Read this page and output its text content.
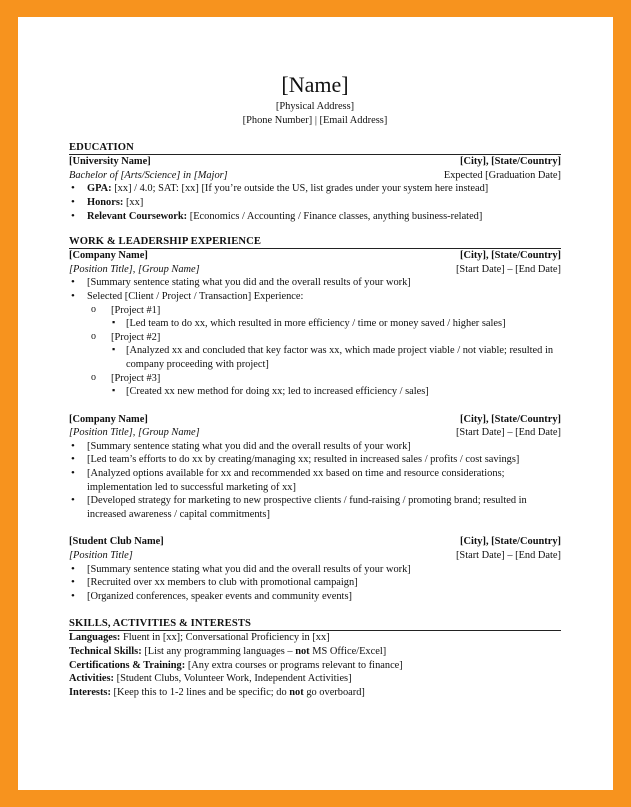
[Name]
[Physical Address]
[Phone Number] | [Email Address]
EDUCATION
[University Name]	[City], [State/Country]
Bachelor of [Arts/Science] in [Major]	Expected [Graduation Date]
• GPA: [xx] / 4.0; SAT: [xx] [If you’re outside the US, list grades under your system here instead]
• Honors: [xx]
• Relevant Coursework: [Economics / Accounting / Finance classes, anything business-related]
WORK & LEADERSHIP EXPERIENCE
[Company Name]	[City], [State/Country]
[Position Title], [Group Name]	[Start Date] – [End Date]
• [Summary sentence stating what you did and the overall results of your work]
• Selected [Client / Project / Transaction] Experience:
o [Project #1]
▪ [Led team to do xx, which resulted in more efficiency / time or money saved / higher sales]
o [Project #2]
▪ [Analyzed xx and concluded that key factor was xx, which made project viable / not viable; resulted in company proceeding with project]
o [Project #3]
▪ [Created xx new method for doing xx; led to increased efficiency / sales]
[Company Name]	[City], [State/Country]
[Position Title], [Group Name]	[Start Date] – [End Date]
• [Summary sentence stating what you did and the overall results of your work]
• [Led team’s efforts to do xx by creating/managing xx; resulted in increased sales / profits / cost savings]
• [Analyzed options available for xx and recommended xx based on time and resource considerations; implementation led to successful marketing of xx]
• [Developed strategy for marketing to new prospective clients / fund-raising / promoting brand; resulted in increased awareness / capital commitments]
[Student Club Name]	[City], [State/Country]
[Position Title]	[Start Date] – [End Date]
• [Summary sentence stating what you did and the overall results of your work]
• [Recruited over xx members to club with promotional campaign]
• [Organized conferences, speaker events and community events]
SKILLS, ACTIVITIES & INTERESTS
Languages: Fluent in [xx]; Conversational Proficiency in [xx]
Technical Skills: [List any programming languages – not MS Office/Excel]
Certifications & Training: [Any extra courses or programs relevant to finance]
Activities: [Student Clubs, Volunteer Work, Independent Activities]
Interests: [Keep this to 1-2 lines and be specific; do not go overboard]
